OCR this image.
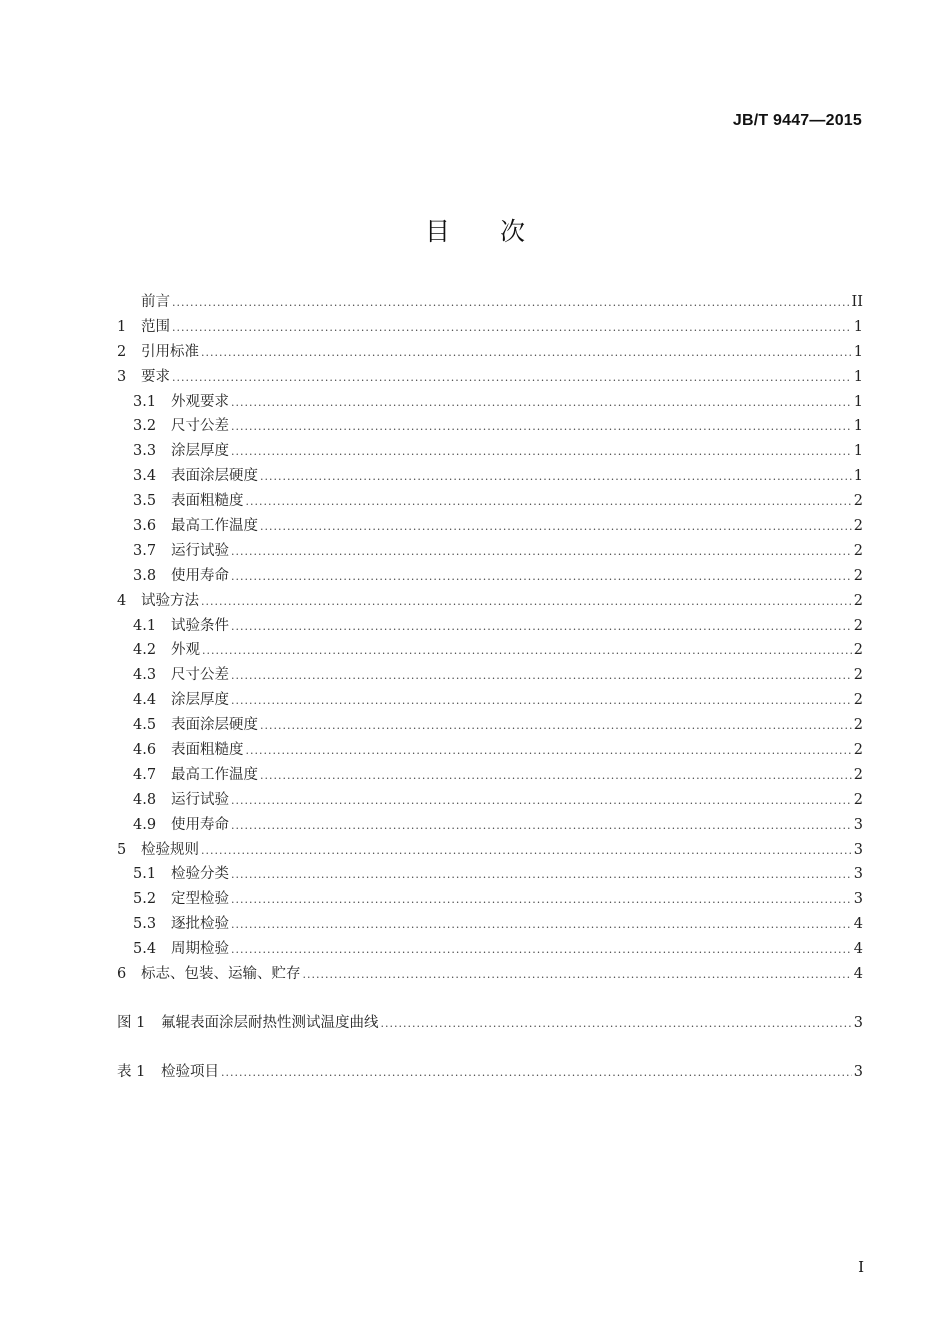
JB/T 9447—2015
目次
前言 .....	II
1	范围 .....	1
2	引用标准 .....	1
3	要求 .....	1
3.1	外观要求 .....	1
3.2	尺寸公差 .....	1
3.3	涂层厚度 .....	1
3.4	表面涂层硬度 .....	1
3.5	表面粗糙度 .....	2
3.6	最高工作温度 .....	2
3.7	运行试验 .....	2
3.8	使用寿命 .....	2
4	试验方法 .....	2
4.1	试验条件 .....	2
4.2	外观 .....	2
4.3	尺寸公差 .....	2
4.4	涂层厚度 .....	2
4.5	表面涂层硬度 .....	2
4.6	表面粗糙度 .....	2
4.7	最高工作温度 .....	2
4.8	运行试验 .....	2
4.9	使用寿命 .....	3
5	检验规则 .....	3
5.1	检验分类 .....	3
5.2	定型检验 .....	3
5.3	逐批检验 .....	4
5.4	周期检验 .....	4
6	标志、包装、运输、贮存 .....	4
图 1	氟辊表面涂层耐热性测试温度曲线 .....	3
表 1	检验项目 .....	3
I
